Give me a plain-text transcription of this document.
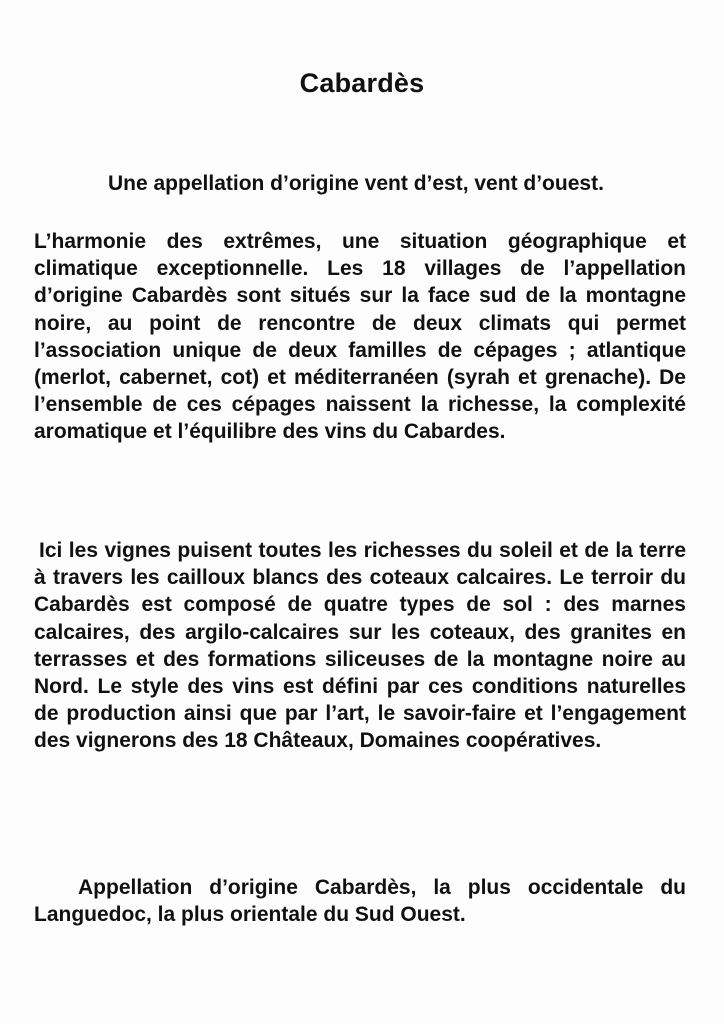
Cabardès
Une appellation d’origine vent d’est, vent d’ouest.

L’harmonie des extrêmes, une situation géographique et climatique exceptionnelle. Les 18 villages de l’appellation d’origine Cabardès sont situés sur la face sud de la montagne noire, au point de rencontre de deux climats qui permet l’association unique de deux familles de cépages ; atlantique (merlot, cabernet, cot) et méditerranéen (syrah et grenache). De l’ensemble de ces cépages naissent la richesse, la complexité aromatique et l’équilibre des vins du Cabardes.

Ici les vignes puisent toutes les richesses du soleil et de la terre à travers les cailloux blancs des coteaux calcaires. Le terroir du Cabardès est composé de quatre types de sol : des marnes calcaires, des argilo-calcaires sur les coteaux, des granites en terrasses et des formations siliceuses de la montagne noire au Nord. Le style des vins est défini par ces conditions naturelles de production ainsi que par l’art, le savoir-faire et l’engagement des vignerons des 18 Châteaux, Domaines coopératives.

Appellation d’origine Cabardès, la plus occidentale du Languedoc, la plus orientale du Sud Ouest.
